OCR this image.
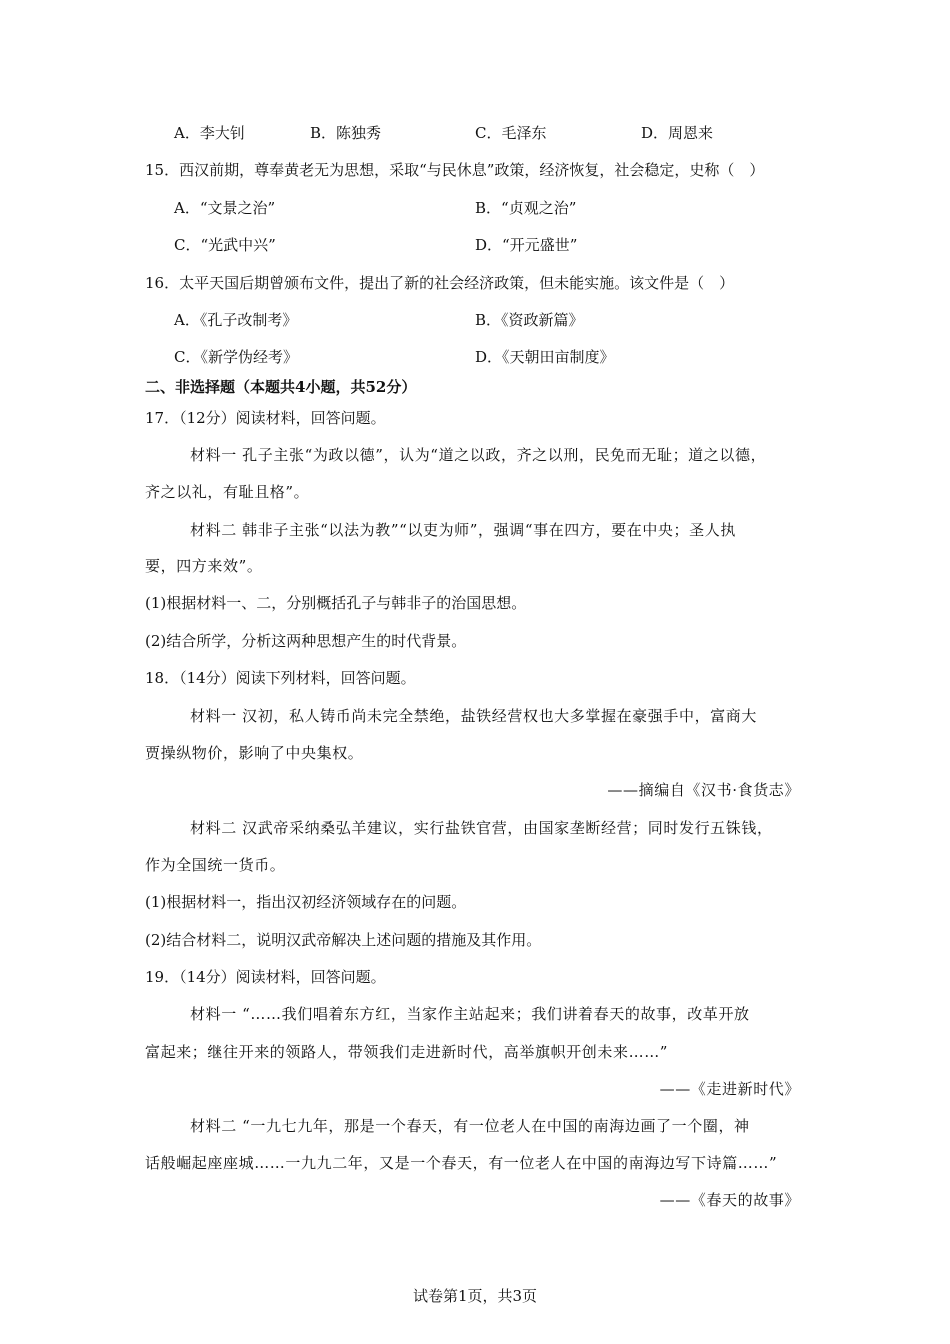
A．李大钊	B．陈独秀	C．毛泽东	D．周恩来
15．西汉前期，尊奉黄老无为思想，采取“与民休息”政策，经济恢复，社会稳定，史称（　）
A．“文景之治”	B．“贞观之治”
C．“光武中兴”	D．“开元盛世”
16．太平天国后期曾颁布文件，提出了新的社会经济政策，但未能实施。该文件是（　）
A．《孔子改制考》	B．《资政新篇》
C．《新学伪经考》	D．《天朝田亩制度》
二、非选择题（本题共4小题，共52分）
17．（12分）阅读材料，回答问题。
材料一 孔子主张“为政以德”，认为“道之以政，齐之以刑，民免而无耻；道之以德，
齐之以礼，有耻且格”。
材料二 韩非子主张“以法为教”“以吏为师”，强调“事在四方，要在中央；圣人执
要，四方来效”。
(1)根据材料一、二，分别概括孔子与韩非子的治国思想。
(2)结合所学，分析这两种思想产生的时代背景。
18．（14分）阅读下列材料，回答问题。
材料一 汉初，私人铸币尚未完全禁绝，盐铁经营权也大多掌握在豪强手中，富商大
贾操纵物价，影响了中央集权。
——摘编自《汉书·食货志》
材料二 汉武帝采纳桑弘羊建议，实行盐铁官营，由国家垄断经营；同时发行五铢钱，
作为全国统一货币。
(1)根据材料一，指出汉初经济领域存在的问题。
(2)结合材料二，说明汉武帝解决上述问题的措施及其作用。
19．（14分）阅读材料，回答问题。
材料一 “……我们唱着东方红，当家作主站起来；我们讲着春天的故事，改革开放
富起来；继往开来的领路人，带领我们走进新时代，高举旗帜开创未来……”
——《走进新时代》
材料二 “一九七九年，那是一个春天，有一位老人在中国的南海边画了一个圈，神
话般崛起座座城……一九九二年，又是一个春天，有一位老人在中国的南海边写下诗篇……”
——《春天的故事》
试卷第1页，共3页
